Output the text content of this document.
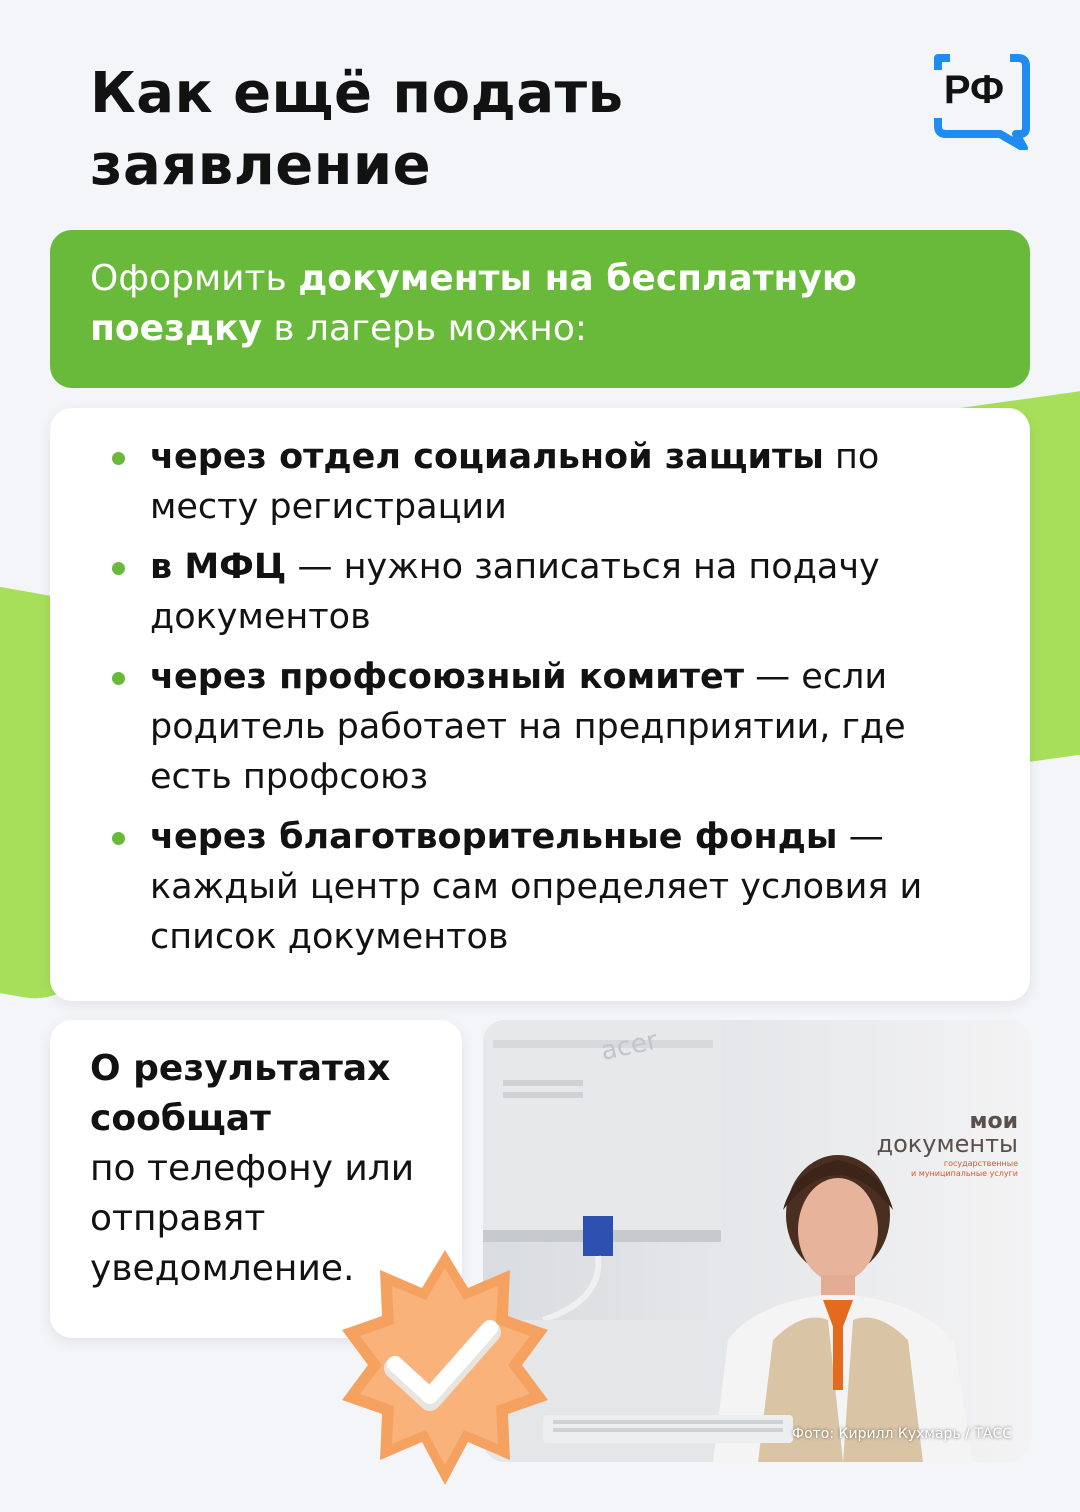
Как ещё подать
заявление
РФ
Оформить документы на бесплатную поездку в лагерь можно:
через отдел социальной защиты по месту регистрации
в МФЦ — нужно записаться на подачу документов
через профсоюзный комитет — если родитель работает на предприятии, где есть профсоюз
через благотворительные фонды — каждый центр сам определяет условия и список документов
О результатах сообщат
по телефону или отправят уведомление.
acer
мои
документы
государственные
и муниципальные услуги
Фото: Кирилл Кухмарь / ТАСС
